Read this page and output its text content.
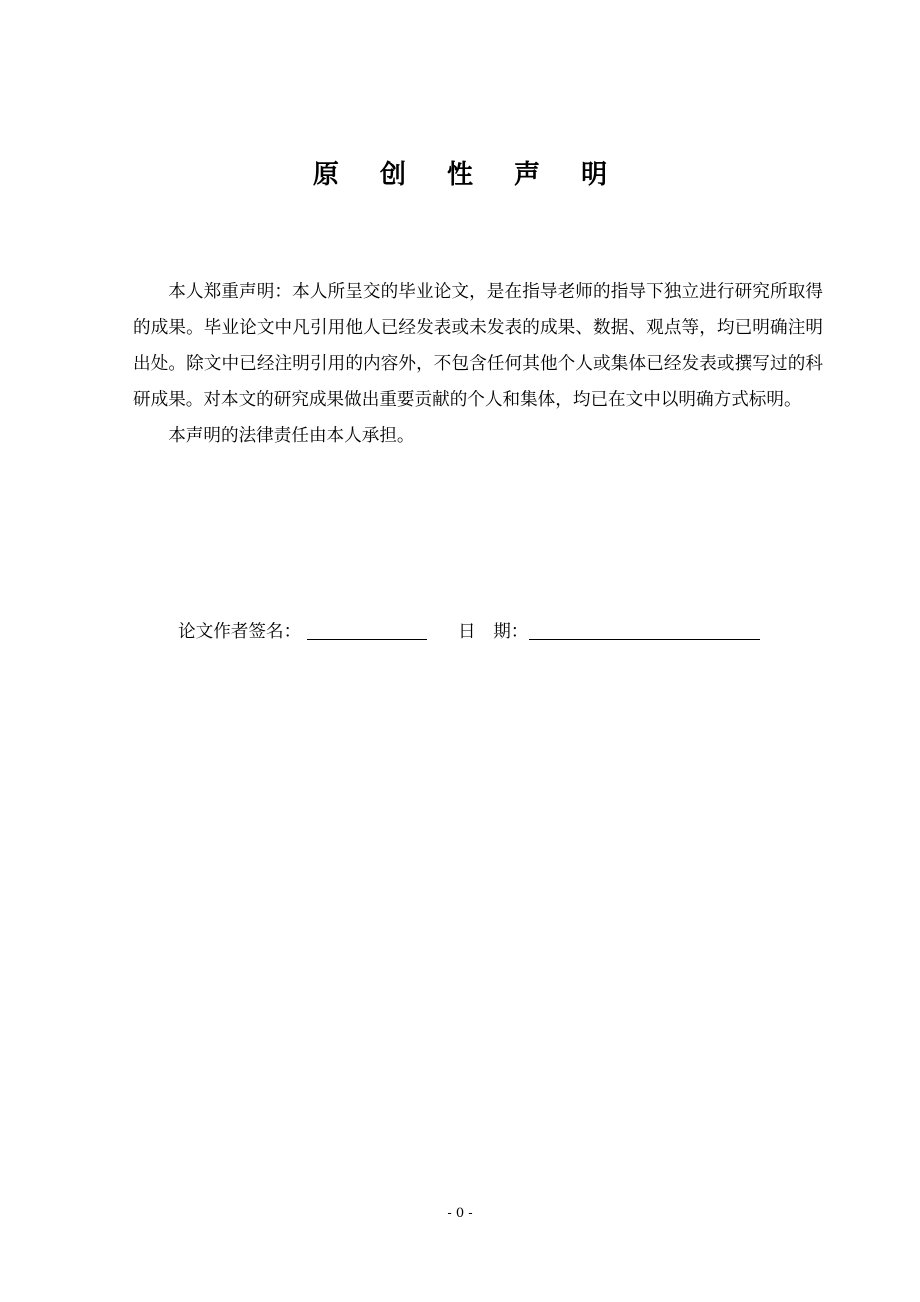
原 创 性 声 明

本人郑重声明：本人所呈交的毕业论文，是在指导老师的指导下独立进行研究所取得的成果。毕业论文中凡引用他人已经发表或未发表的成果、数据、观点等，均已明确注明出处。除文中已经注明引用的内容外，不包含任何其他个人或集体已经发表或撰写过的科研成果。对本文的研究成果做出重要贡献的个人和集体，均已在文中以明确方式标明。

本声明的法律责任由本人承担。

论文作者签名：	日　期：
- 0 -
